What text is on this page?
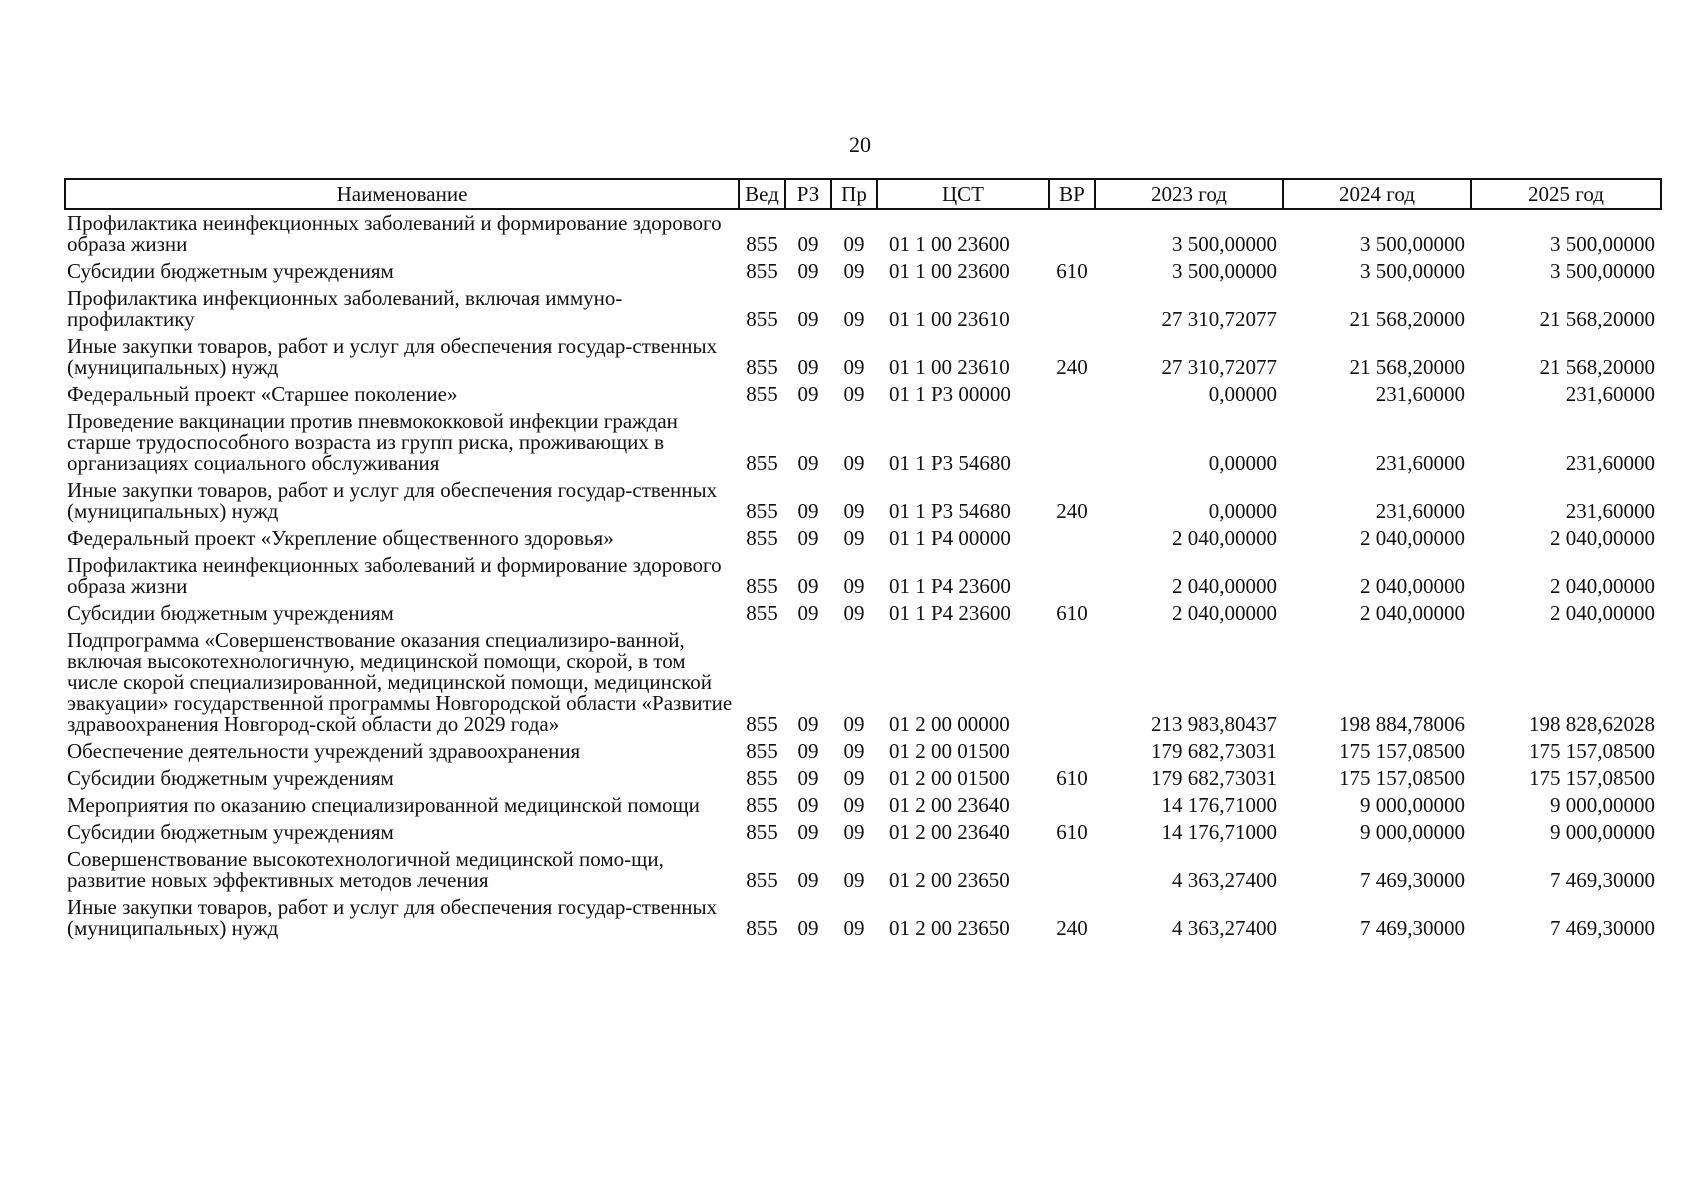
20
Наименование	Вед	РЗ	Пр	ЦСТ	ВР	2023 год	2024 год	2025 год
Профилактика неинфекционных заболеваний и формирование здорового образа жизни	855	09	09	01 1 00 23600		3 500,00000	3 500,00000	3 500,00000
Субсидии бюджетным учреждениям	855	09	09	01 1 00 23600	610	3 500,00000	3 500,00000	3 500,00000
Профилактика инфекционных заболеваний, включая иммуно-профилактику	855	09	09	01 1 00 23610		27 310,72077	21 568,20000	21 568,20000
Иные закупки товаров, работ и услуг для обеспечения государ-ственных (муниципальных) нужд	855	09	09	01 1 00 23610	240	27 310,72077	21 568,20000	21 568,20000
Федеральный проект «Старшее поколение»	855	09	09	01 1 P3 00000		0,00000	231,60000	231,60000
Проведение вакцинации против пневмококковой инфекции граждан старше трудоспособного возраста из групп риска, проживающих в организациях социального обслуживания	855	09	09	01 1 P3 54680		0,00000	231,60000	231,60000
Иные закупки товаров, работ и услуг для обеспечения государ-ственных (муниципальных) нужд	855	09	09	01 1 P3 54680	240	0,00000	231,60000	231,60000
Федеральный проект «Укрепление общественного здоровья»	855	09	09	01 1 P4 00000		2 040,00000	2 040,00000	2 040,00000
Профилактика неинфекционных заболеваний и формирование здорового образа жизни	855	09	09	01 1 P4 23600		2 040,00000	2 040,00000	2 040,00000
Субсидии бюджетным учреждениям	855	09	09	01 1 P4 23600	610	2 040,00000	2 040,00000	2 040,00000
Подпрограмма «Совершенствование оказания специализиро-ванной, включая высокотехнологичную, медицинской помощи, скорой, в том числе скорой специализированной, медицинской помощи, медицинской эвакуации» государственной программы Новгородской области «Развитие здравоохранения Новгород-ской области до 2029 года»	855	09	09	01 2 00 00000		213 983,80437	198 884,78006	198 828,62028
Обеспечение деятельности учреждений здравоохранения	855	09	09	01 2 00 01500		179 682,73031	175 157,08500	175 157,08500
Субсидии бюджетным учреждениям	855	09	09	01 2 00 01500	610	179 682,73031	175 157,08500	175 157,08500
Мероприятия по оказанию специализированной медицинской помощи	855	09	09	01 2 00 23640		14 176,71000	9 000,00000	9 000,00000
Субсидии бюджетным учреждениям	855	09	09	01 2 00 23640	610	14 176,71000	9 000,00000	9 000,00000
Совершенствование высокотехнологичной медицинской помо-щи, развитие новых эффективных методов лечения	855	09	09	01 2 00 23650		4 363,27400	7 469,30000	7 469,30000
Иные закупки товаров, работ и услуг для обеспечения государ-ственных (муниципальных) нужд	855	09	09	01 2 00 23650	240	4 363,27400	7 469,30000	7 469,30000
